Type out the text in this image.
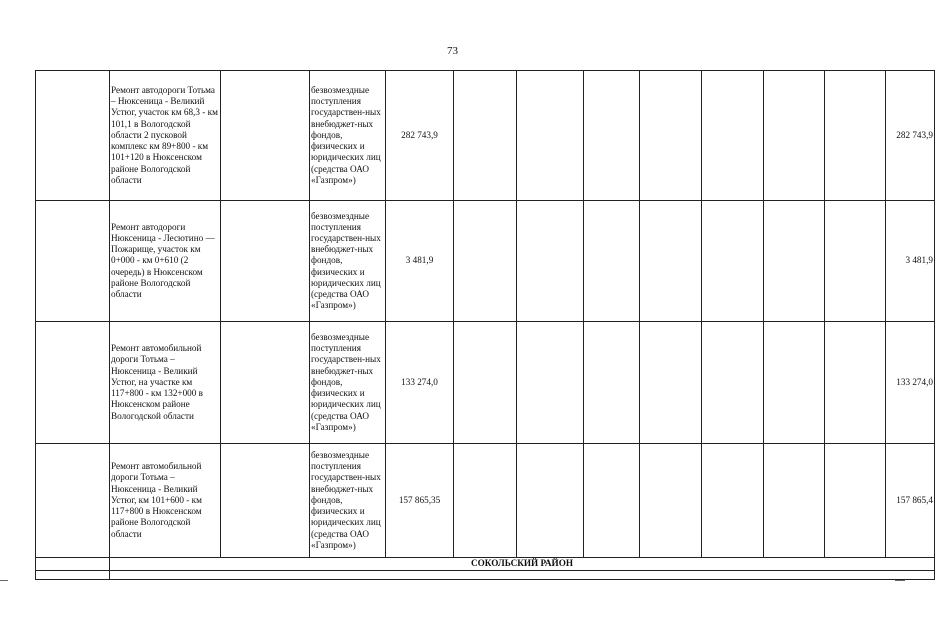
73
	Ремонт автодороги Тотьма – Нюксеница - Великий Устюг, участок км 68,3 - км 101,1 в Вологодской области 2 пусковой комплекс км 89+800 - км 101+120 в Нюксенском районе Вологодской области		безвозмездные поступления государствен-ных внебюджет-ных фондов, физических и юридических лиц (средства ОАО «Газпром»)	282 743,9								282 743,9
	Ремонт автодороги Нюксеница - Лесютино — Пожарище, участок км 0+000 - км 0+610 (2 очередь) в Нюксенском районе Вологодской области		безвозмездные поступления государствен-ных внебюджет-ных фондов, физических и юридических лиц (средства ОАО «Газпром»)	3 481,9								3 481,9
	Ремонт автомобильной дороги Тотьма – Нюксеница - Великий Устюг, на участке км 117+800 - км 132+000 в Нюксенском районе Вологодской области		безвозмездные поступления государствен-ных внебюджет-ных фондов, физических и юридических лиц (средства ОАО «Газпром»)	133 274,0								133 274,0
	Ремонт автомобильной дороги Тотьма – Нюксеница - Великий Устюг, км 101+600 - км 117+800 в Нюксенском районе Вологодской области		безвозмездные поступления государствен-ных внебюджет-ных фондов, физических и юридических лиц (средства ОАО «Газпром»)	157 865,35								157 865,4
	СОКОЛЬСКИЙ РАЙОН											
